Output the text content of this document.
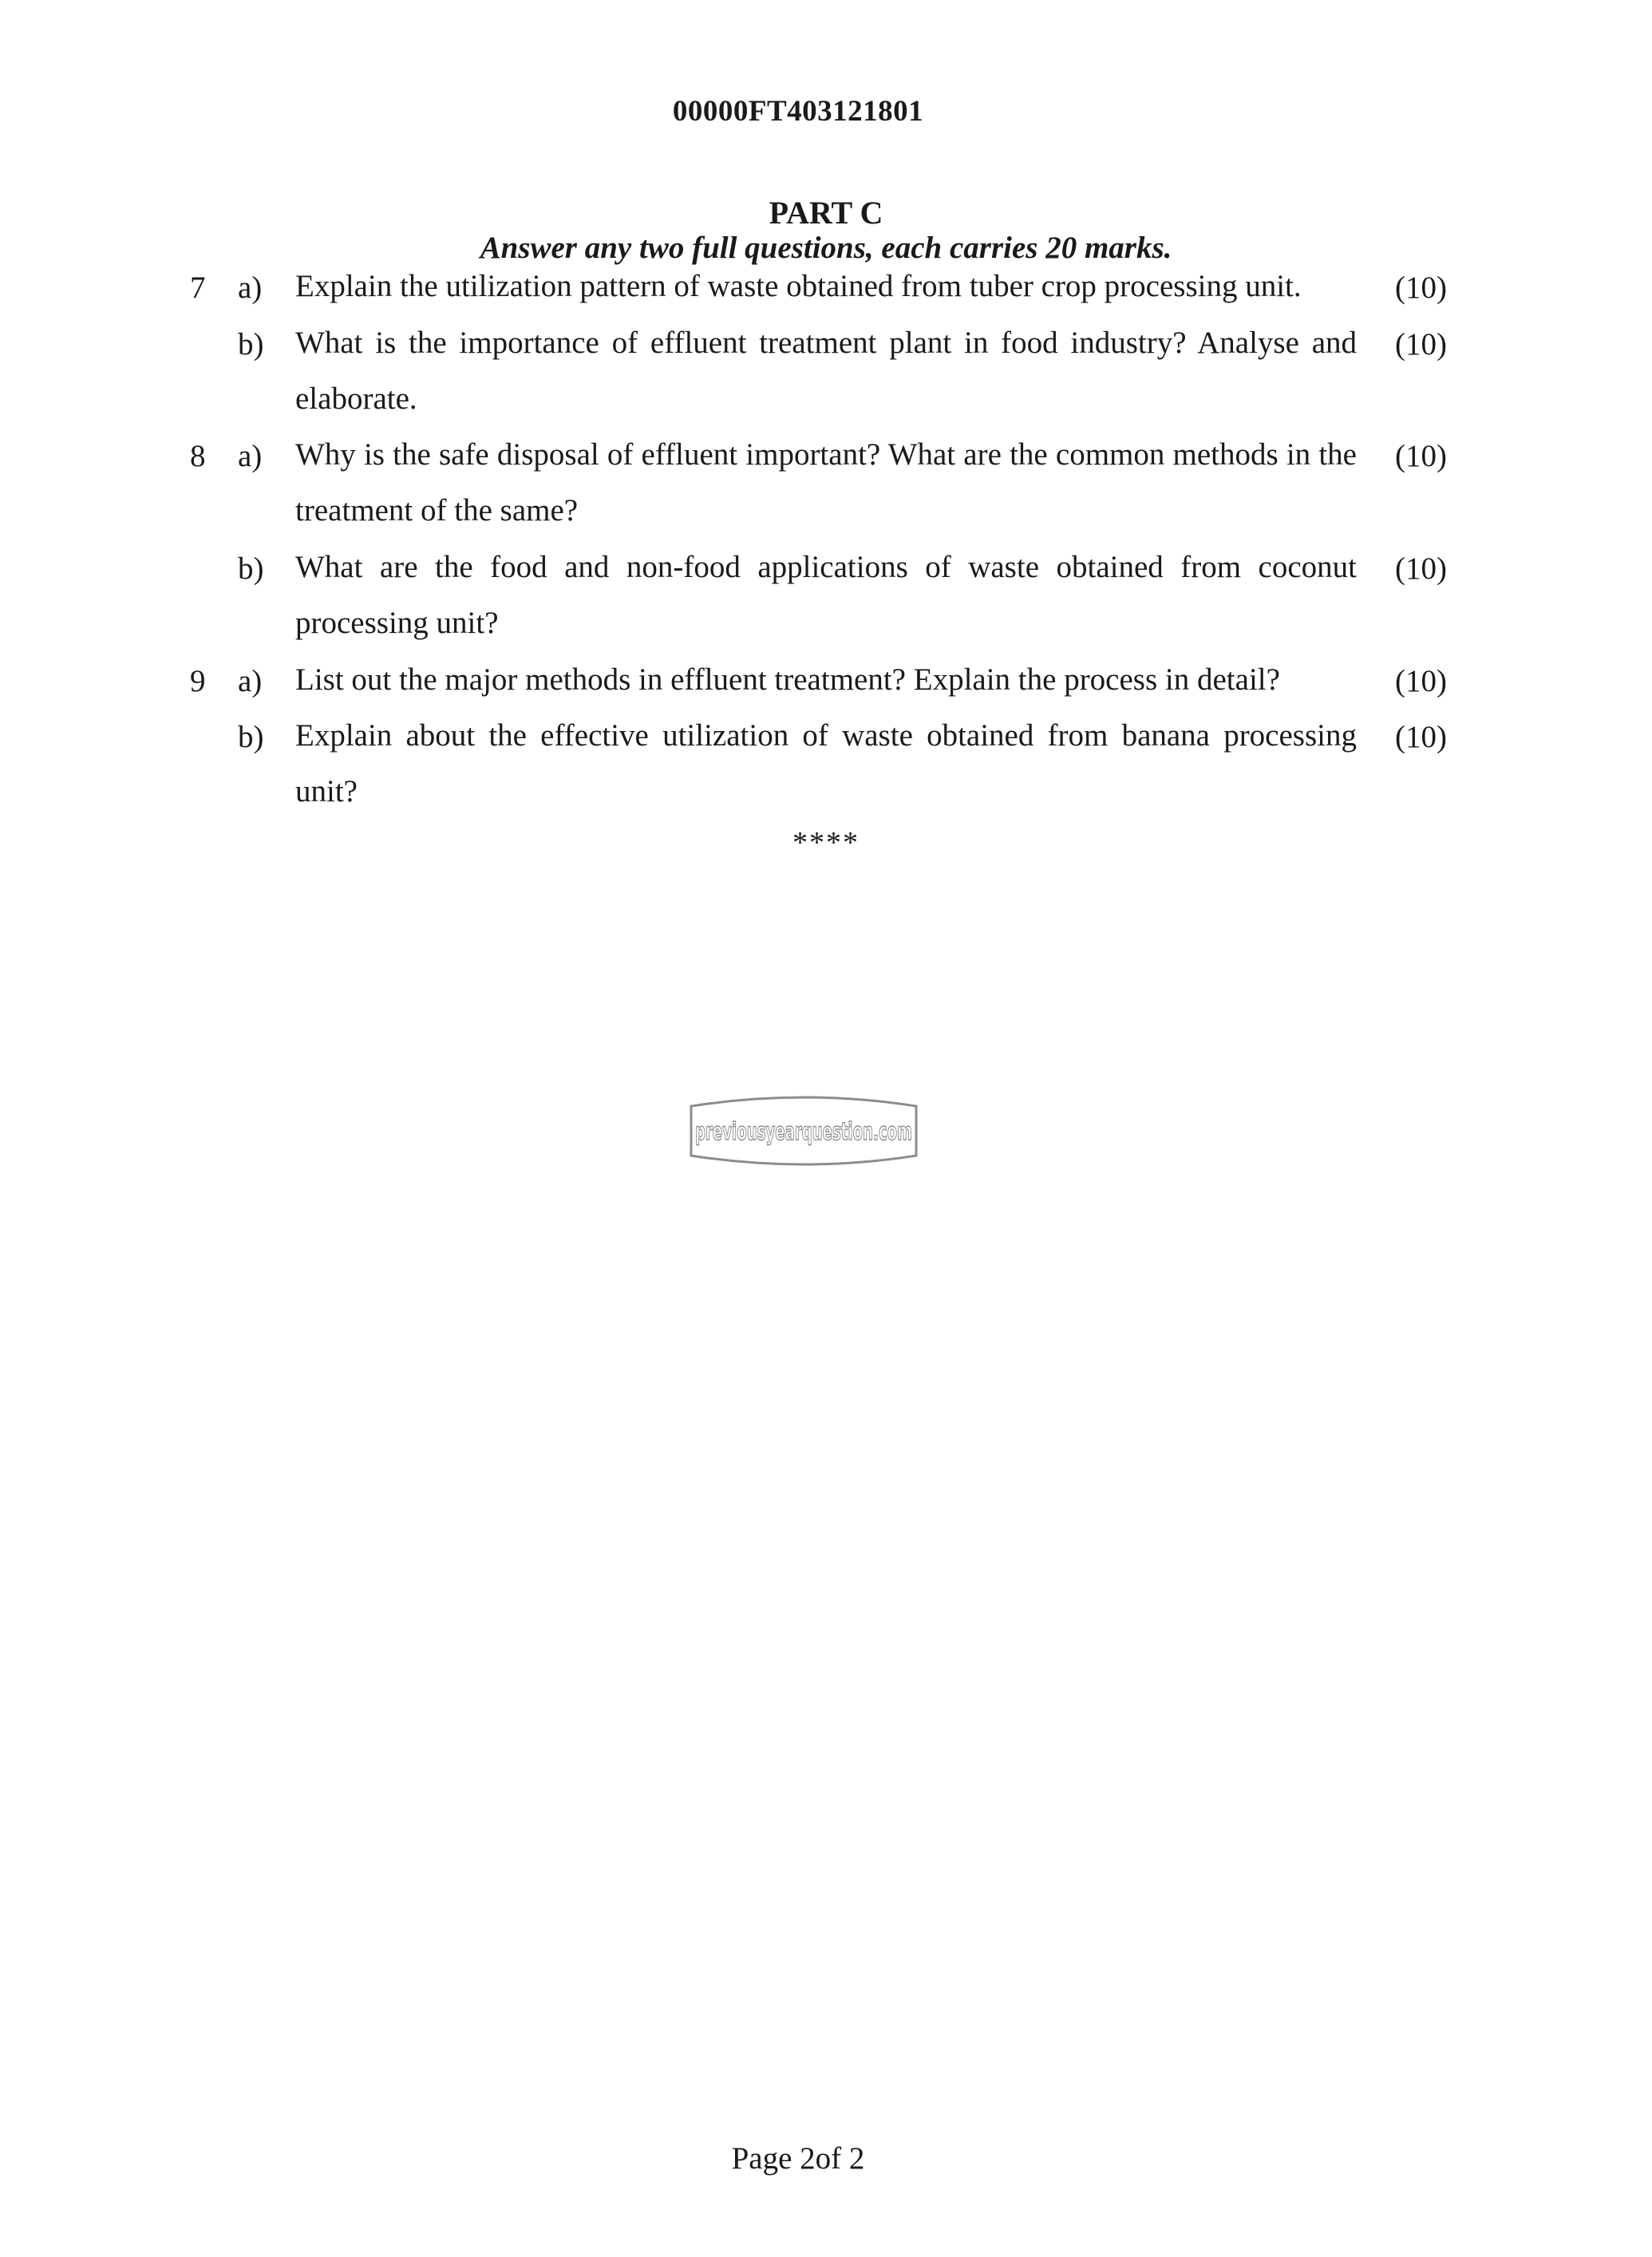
00000FT403121801
PART C
Answer any two full questions, each carries 20 marks.
7 a) Explain the utilization pattern of waste obtained from tuber crop processing unit.	(10)
b) What is the importance of effluent treatment plant in food industry? Analyse and elaborate.
(10)
8 a) Why is the safe disposal of effluent important? What are the common methods in the treatment of the same?
(10)
b) What are the food and non-food applications of waste obtained from coconut processing unit?
(10)
9 a) List out the major methods in effluent treatment? Explain the process in detail?	(10)
b) Explain about the effective utilization of waste obtained from banana processing unit?
(10)
****
previousyearquestion.com
Page 2of 2
